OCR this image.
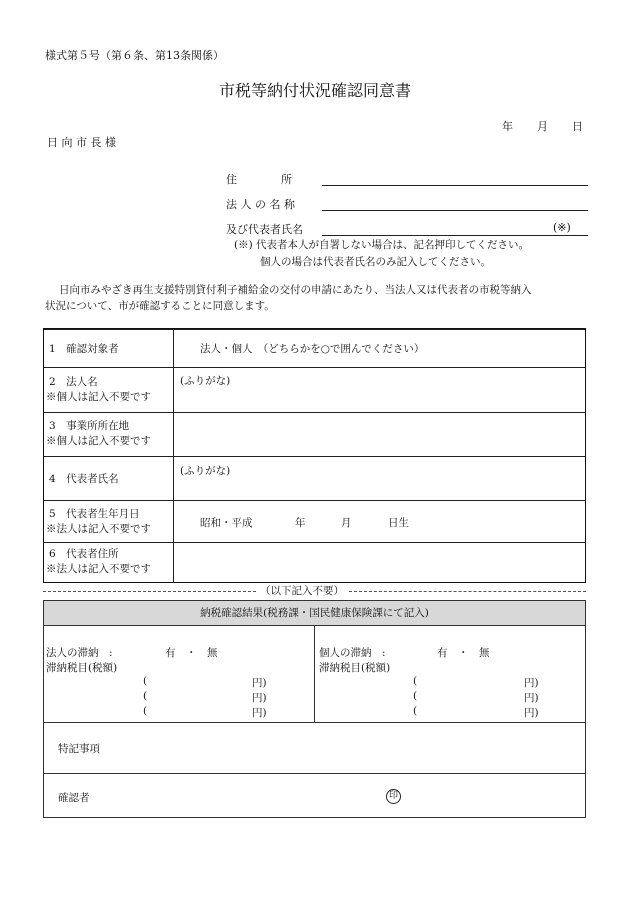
様式第５号（第６条、第13条関係）
市税等納付状況確認同意書
年 月 日
日 向 市 長 様
住　　　　所
法 人 の 名 称
及び代表者氏名	(※)
(※) 代表者本人が自署しない場合は、記名押印してください。
個人の場合は代表者氏名のみ記入してください。
日向市みやざき再生支援特別貸付利子補給金の交付の申請にあたり、当法人又は代表者の市税等納入
状況について、市が確認することに同意します。
1　確認対象者	法人・個人　（どちらかを○で囲んでください）
2　法人名
※個人は記入不要です
(ふりがな)
3　事業所所在地
※個人は記入不要です
4　代表者氏名
(ふりがな)
5　代表者生年月日
※法人は記入不要です	昭和・平成	年	月	日生
6　代表者住所
※法人は記入不要です
（以下記入不要）
納税確認結果(税務課・国民健康保険課にて記入)
法人の滞納　:	有　・　無
滞納税目(税額)
(	円)
(	円)
(	円)
個人の滞納　:	有　・　無
滞納税目(税額)
(	円)
(	円)
(	円)
特記事項
確認者	印
